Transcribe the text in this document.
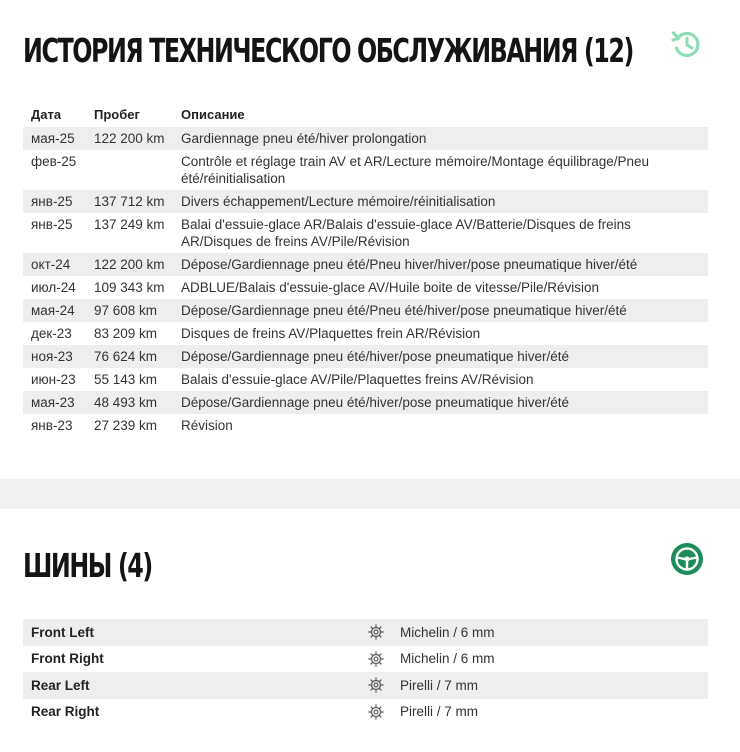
ИСТОРИЯ ТЕХНИЧЕСКОГО ОБСЛУЖИВАНИЯ (12)
Дата	Пробег	Описание
мая-25	122 200 km	Gardiennage pneu été/hiver prolongation
фев-25		Contrôle et réglage train AV et AR/Lecture mémoire/Montage équilibrage/Pneu été/réinitialisation
янв-25	137 712 km	Divers échappement/Lecture mémoire/réinitialisation
янв-25	137 249 km	Balai d'essuie-glace AR/Balais d'essuie-glace AV/Batterie/Disques de freins AR/Disques de freins AV/Pile/Révision
окт-24	122 200 km	Dépose/Gardiennage pneu été/Pneu hiver/hiver/pose pneumatique hiver/été
июл-24	109 343 km	ADBLUE/Balais d'essuie-glace AV/Huile boite de vitesse/Pile/Révision
мая-24	97 608 km	Dépose/Gardiennage pneu été/Pneu été/hiver/pose pneumatique hiver/été
дек-23	83 209 km	Disques de freins AV/Plaquettes frein AR/Révision
ноя-23	76 624 km	Dépose/Gardiennage pneu été/hiver/pose pneumatique hiver/été
июн-23	55 143 km	Balais d'essuie-glace AV/Pile/Plaquettes freins AV/Révision
мая-23	48 493 km	Dépose/Gardiennage pneu été/hiver/pose pneumatique hiver/été
янв-23	27 239 km	Révision
ШИНЫ (4)
Front Left	Michelin / 6 mm
Front Right	Michelin / 6 mm
Rear Left	Pirelli / 7 mm
Rear Right	Pirelli / 7 mm
